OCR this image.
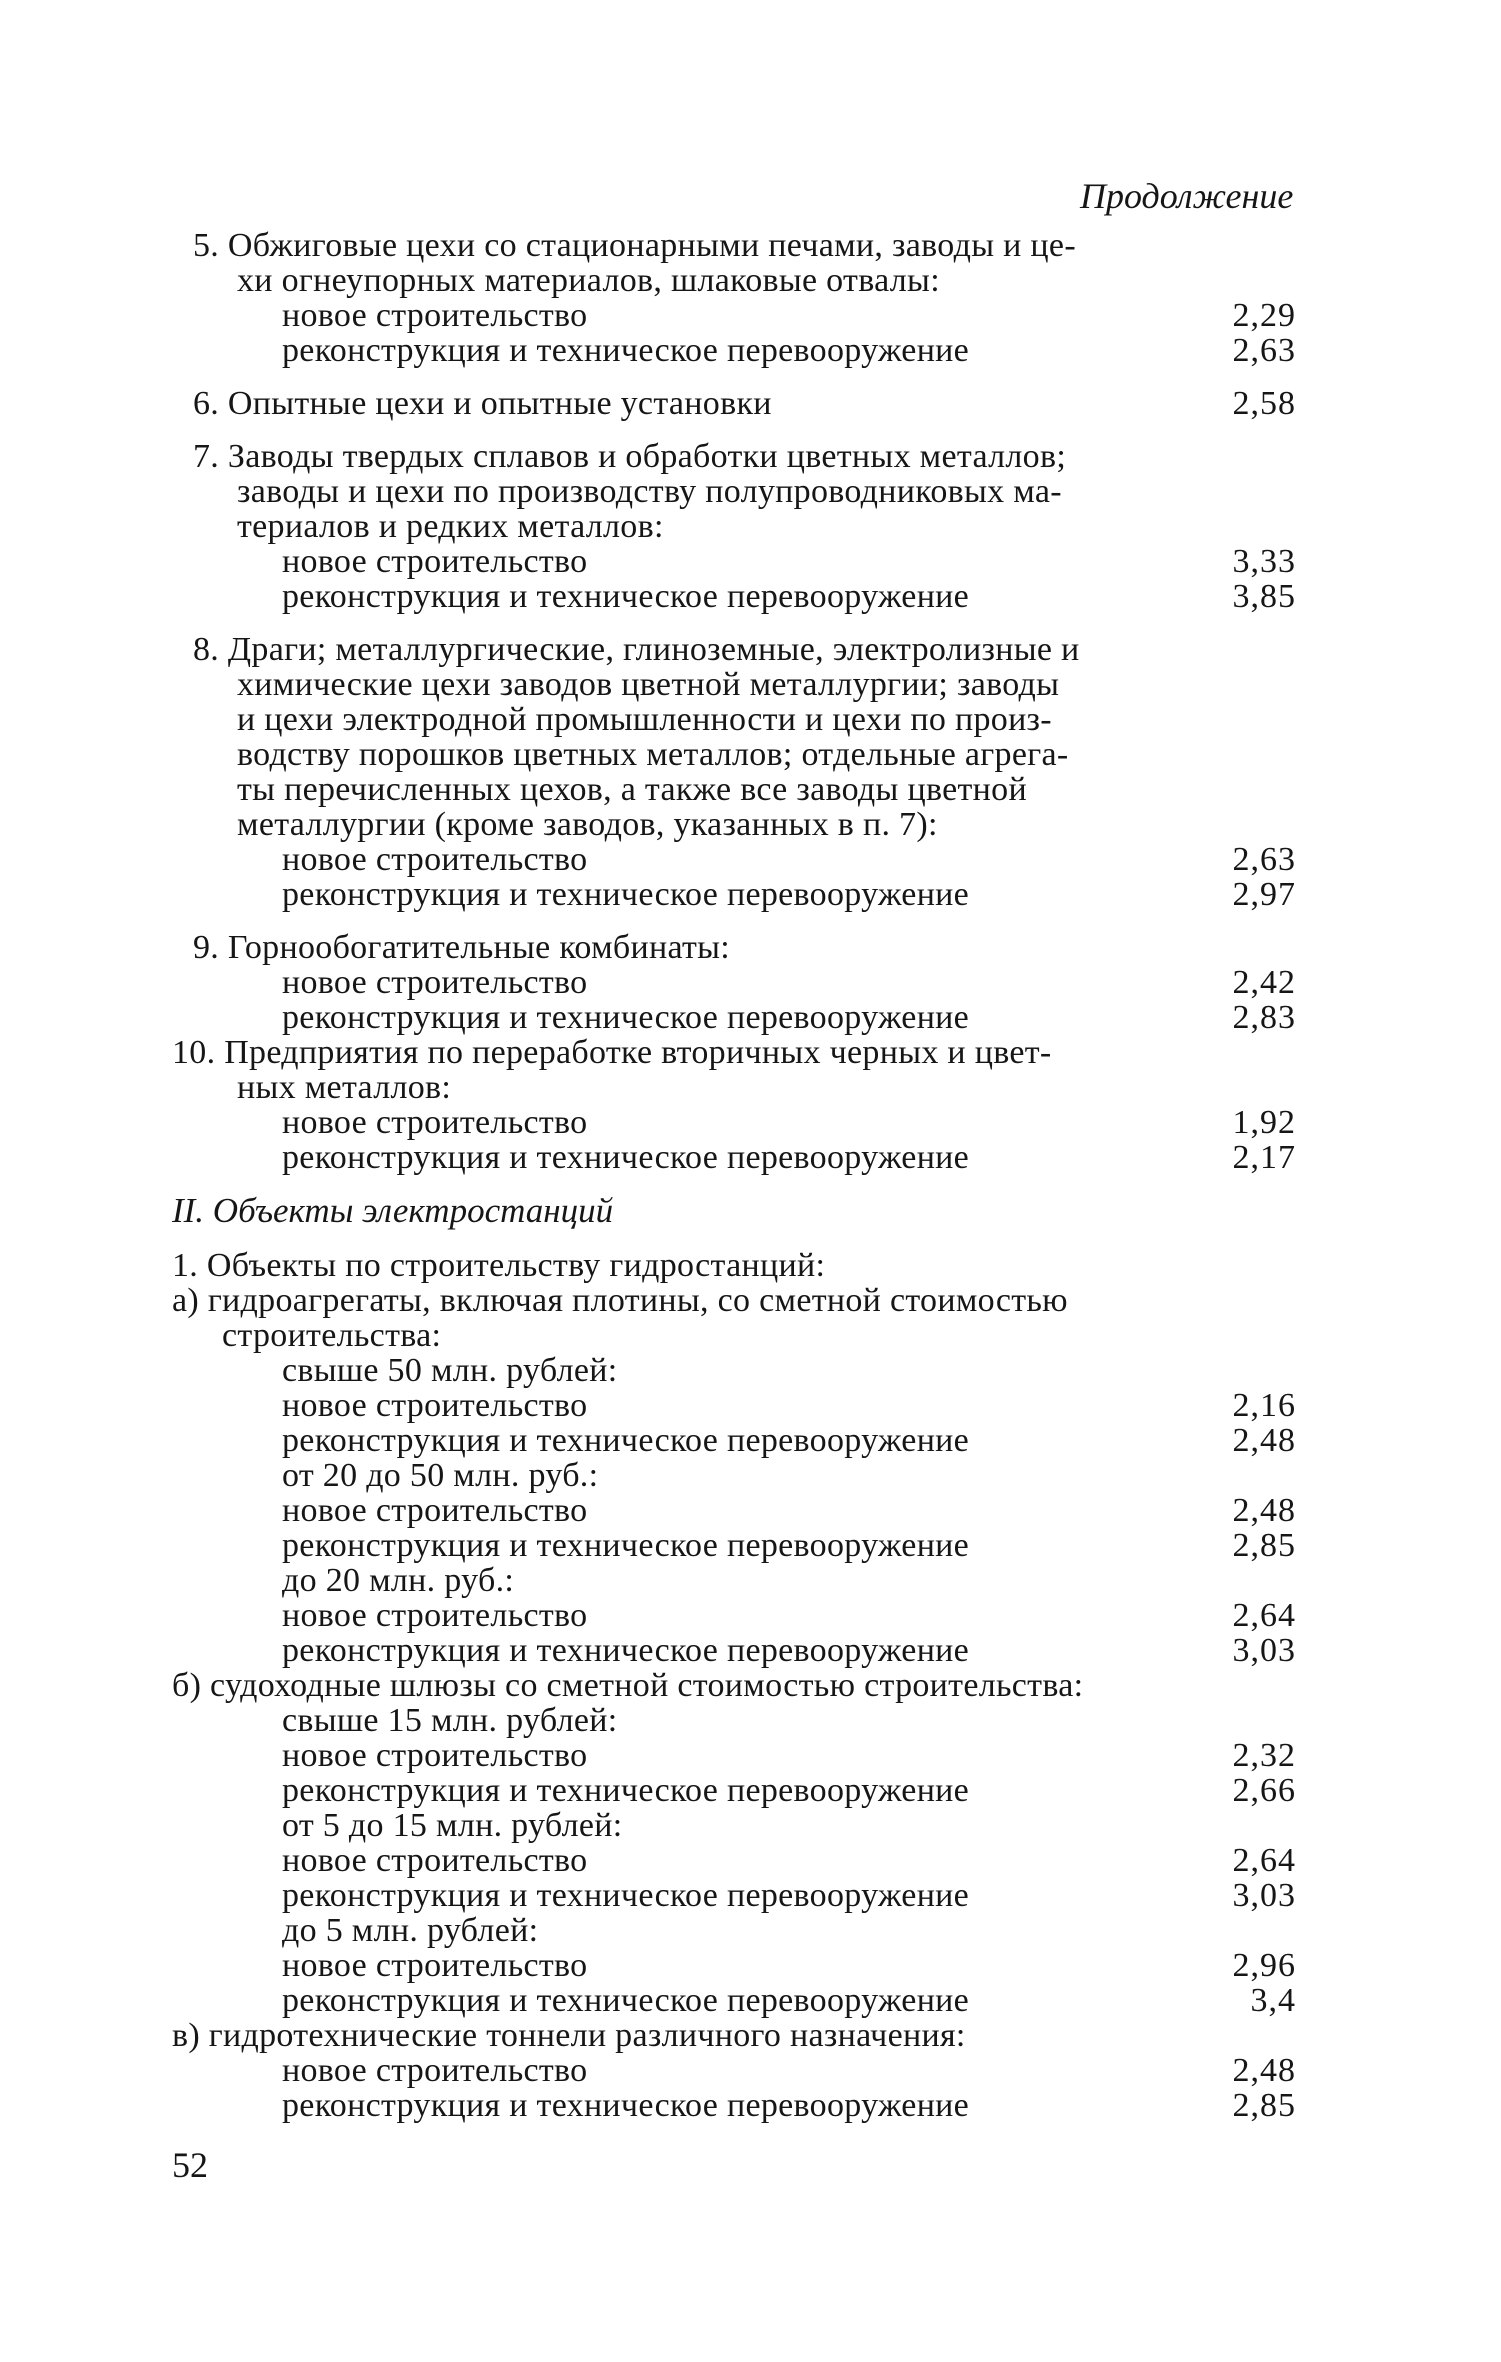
Продолжение
5. Обжиговые цехи со стационарными печами, заводы и це-
хи огнеупорных материалов, шлаковые отвалы:
новое строительство	2,29
реконструкция и техническое перевооружение	2,63
6. Опытные цехи и опытные установки	2,58
7. Заводы твердых сплавов и обработки цветных металлов;
заводы и цехи по производству полупроводниковых ма-
териалов и редких металлов:
новое строительство	3,33
реконструкция и техническое перевооружение	3,85
8. Драги; металлургические, глиноземные, электролизные и
химические цехи заводов цветной металлургии; заводы
и цехи электродной промышленности и цехи по произ-
водству порошков цветных металлов; отдельные агрега-
ты перечисленных цехов, а также все заводы цветной
металлургии (кроме заводов, указанных в п. 7):
новое строительство	2,63
реконструкция и техническое перевооружение	2,97
9. Горнообогатительные комбинаты:
новое строительство	2,42
реконструкция и техническое перевооружение	2,83
10. Предприятия по переработке вторичных черных и цвет-
ных металлов:
новое строительство	1,92
реконструкция и техническое перевооружение	2,17
1. Объекты по строительству гидростанций:
а) гидроагрегаты, включая плотины, со сметной стоимостью
строительства:
свыше 50 млн. рублей:
новое строительство	2,16
реконструкция и техническое перевооружение	2,48
от 20 до 50 млн. руб.:
новое строительство	2,48
реконструкция и техническое перевооружение	2,85
до 20 млн. руб.:
новое строительство	2,64
реконструкция и техническое перевооружение	3,03
б) судоходные шлюзы со сметной стоимостью строительства:
свыше 15 млн. рублей:
новое строительство	2,32
реконструкция и техническое перевооружение	2,66
от 5 до 15 млн. рублей:
новое строительство	2,64
реконструкция и техническое перевооружение	3,03
до 5 млн. рублей:
новое строительство	2,96
реконструкция и техническое перевооружение	3,4
в) гидротехнические тоннели различного назначения:
новое строительство	2,48
реконструкция и техническое перевооружение	2,85
II. Объекты электростанций
52
